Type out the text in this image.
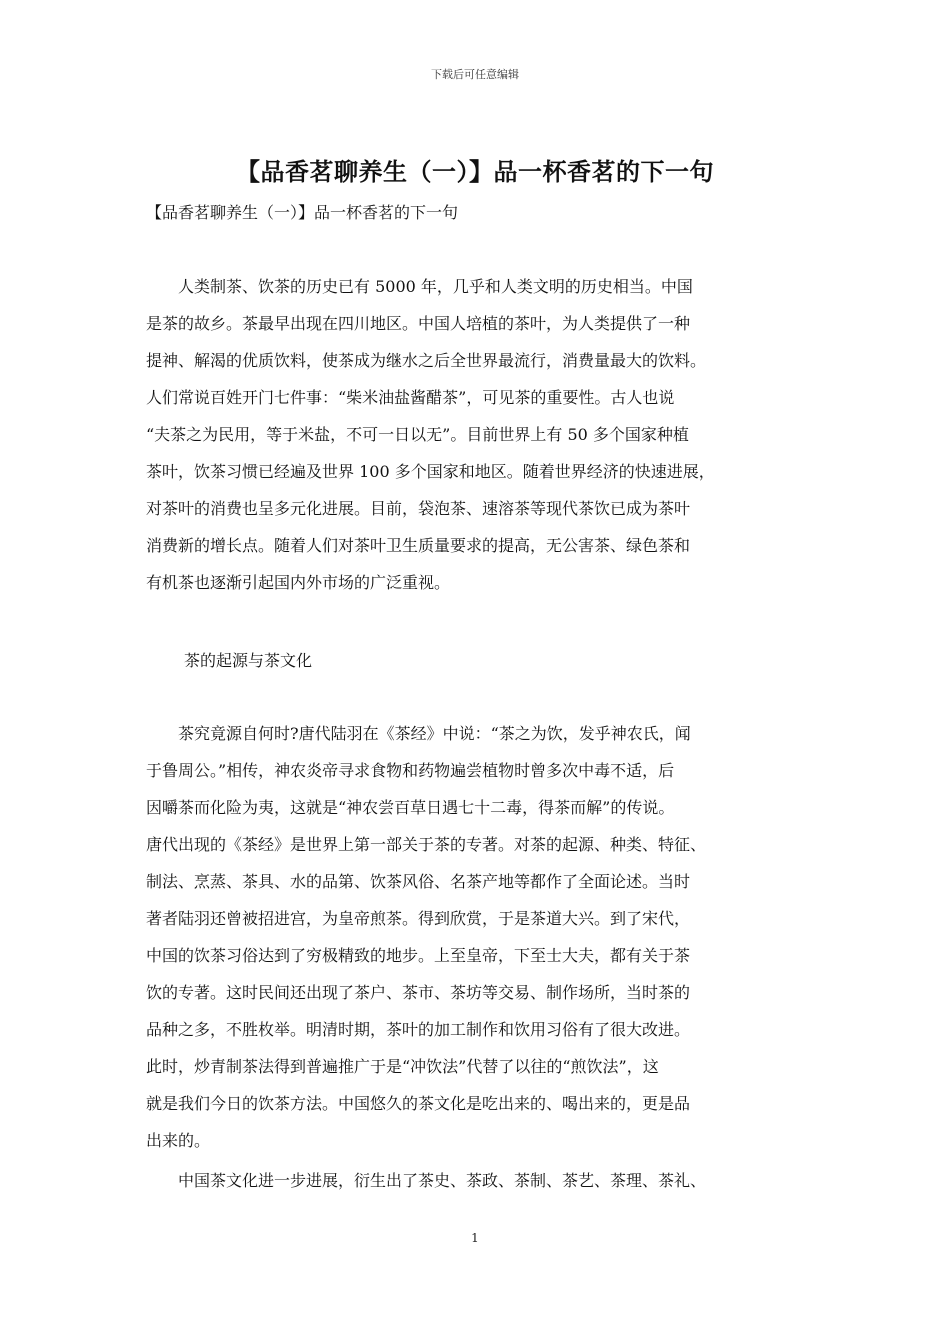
下载后可任意编辑
【品香茗聊养生（一）】品一杯香茗的下一句
【品香茗聊养生（一）】品一杯香茗的下一句
　　人类制茶、饮茶的历史已有 5000 年，几乎和人类文明的历史相当。中国
是茶的故乡。茶最早出现在四川地区。中国人培植的茶叶，为人类提供了一种
提神、解渴的优质饮料，使茶成为继水之后全世界最流行，消费量最大的饮料。
人们常说百姓开门七件事：“柴米油盐酱醋茶”，可见茶的重要性。古人也说
“夫茶之为民用，等于米盐，不可一日以无”。目前世界上有 50 多个国家种植
茶叶，饮茶习惯已经遍及世界 100 多个国家和地区。随着世界经济的快速进展，
对茶叶的消费也呈多元化进展。目前，袋泡茶、速溶茶等现代茶饮已成为茶叶
消费新的增长点。随着人们对茶叶卫生质量要求的提高，无公害茶、绿色茶和
有机茶也逐渐引起国内外市场的广泛重视。
茶的起源与茶文化
　　茶究竟源自何时?唐代陆羽在《茶经》中说：“茶之为饮，发乎神农氏，闻
于鲁周公。”相传，神农炎帝寻求食物和药物遍尝植物时曾多次中毒不适，后
因嚼茶而化险为夷，这就是“神农尝百草日遇七十二毒，得茶而解”的传说。
唐代出现的《茶经》是世界上第一部关于茶的专著。对茶的起源、种类、特征、
制法、烹蒸、茶具、水的品第、饮茶风俗、名茶产地等都作了全面论述。当时
著者陆羽还曾被招进宫，为皇帝煎茶。得到欣赏，于是茶道大兴。到了宋代，
中国的饮茶习俗达到了穷极精致的地步。上至皇帝，下至士大夫，都有关于茶
饮的专著。这时民间还出现了茶户、茶市、茶坊等交易、制作场所，当时茶的
品种之多，不胜枚举。明清时期，茶叶的加工制作和饮用习俗有了很大改进。
此时，炒青制茶法得到普遍推广于是“冲饮法”代替了以往的“煎饮法”，这
就是我们今日的饮茶方法。中国悠久的茶文化是吃出来的、喝出来的，更是品
出来的。
　　中国茶文化进一步进展，衍生出了茶史、茶政、茶制、茶艺、茶理、茶礼、
1
